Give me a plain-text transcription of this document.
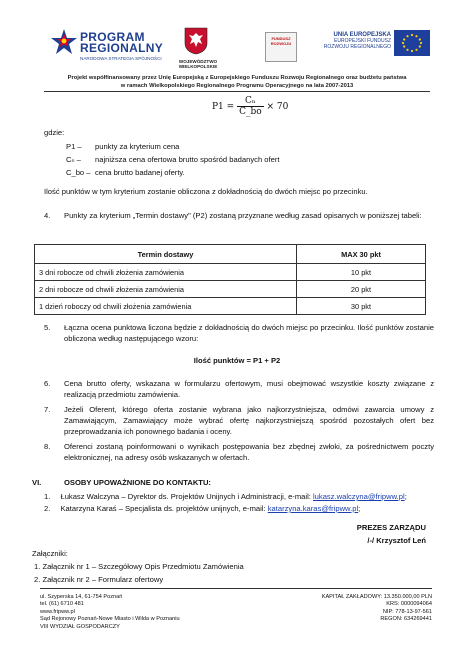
PROGRAM
REGIONALNY
NARODOWA STRATEGIA SPÓJNOŚCI
WOJEWÓDZTWO WIELKOPOLSKIE
FUNDUSZ ROZWOJU
UNIA EUROPEJSKA
EUROPEJSKI FUNDUSZ
ROZWOJU REGIONALNEGO
Projekt współfinansowany przez Unię Europejską z Europejskiego Funduszu Rozwoju Regionalnego oraz budżetu państwa
w ramach Wielkopolskiego Regionalnego Programu Operacyjnego na lata 2007-2013
$P1 = \frac{\text{Cₙ}}{C\_bo} \times 70$
gdzie:
P1 – punkty za kryterium cena
Cₙ – najniższa cena ofertowa brutto spośród badanych ofert
C_bo – cena brutto badanej oferty.
Ilość punktów w tym kryterium zostanie obliczona z dokładnością do dwóch miejsc po przecinku.
4. Punkty za kryterium „Termin dostawy" (P2) zostaną przyznane według zasad opisanych w poniższej tabeli:
Termin dostawy	MAX 30 pkt
3 dni robocze od chwili złożenia zamówienia	10 pkt
2 dni robocze od chwili złożenia zamówienia	20 pkt
1 dzień roboczy od chwili złożenia zamówienia	30 pkt
5. Łączna ocena punktowa liczona będzie z dokładnością do dwóch miejsc po przecinku. Ilość punktów zostanie obliczona według następującego wzoru:
Ilość punktów = P1 + P2
6. Cena brutto oferty, wskazana w formularzu ofertowym, musi obejmować wszystkie koszty związane z realizacją przedmiotu zamówienia.
7. Jeżeli Oferent, którego oferta zostanie wybrana jako najkorzystniejsza, odmówi zawarcia umowy z Zamawiającym, Zamawiający może wybrać ofertę najkorzystniejszą spośród pozostałych ofert bez przeprowadzania ich ponownego badania i oceny.
8. Oferenci zostaną poinformowani o wynikach postępowania bez zbędnej zwłoki, za pośrednictwem poczty elektronicznej, na adresy osób wskazanych w ofertach.
VI.	OSOBY UPOWAŻNIONE DO KONTAKTU:
1. Łukasz Walczyna – Dyrektor ds. Projektów Unijnych i Administracji, e-mail: lukasz.walczyna@fripww.pl;
2. Katarzyna Karaś – Specjalista ds. projektów unijnych, e-mail: katarzyna.karas@fripww.pl;
PREZES ZARZĄDU
/-/ Krzysztof Leń
Załączniki:
1. Załącznik nr 1 – Szczegółowy Opis Przedmiotu Zamówienia
2. Załącznik nr 2 – Formularz ofertowy
ul. Szyperska 14, 61-754 Poznań
tel. (61) 6710 481
www.fripww.pl
Sąd Rejonowy Poznań-Nowe Miasto i Wilda w Poznaniu
VIII WYDZIAŁ GOSPODARCZY
KAPITAŁ ZAKŁADOWY: 13.350.000,00 PLN
KRS: 0000094064
NIP: 778-13-97-561
REGON: 634269441
